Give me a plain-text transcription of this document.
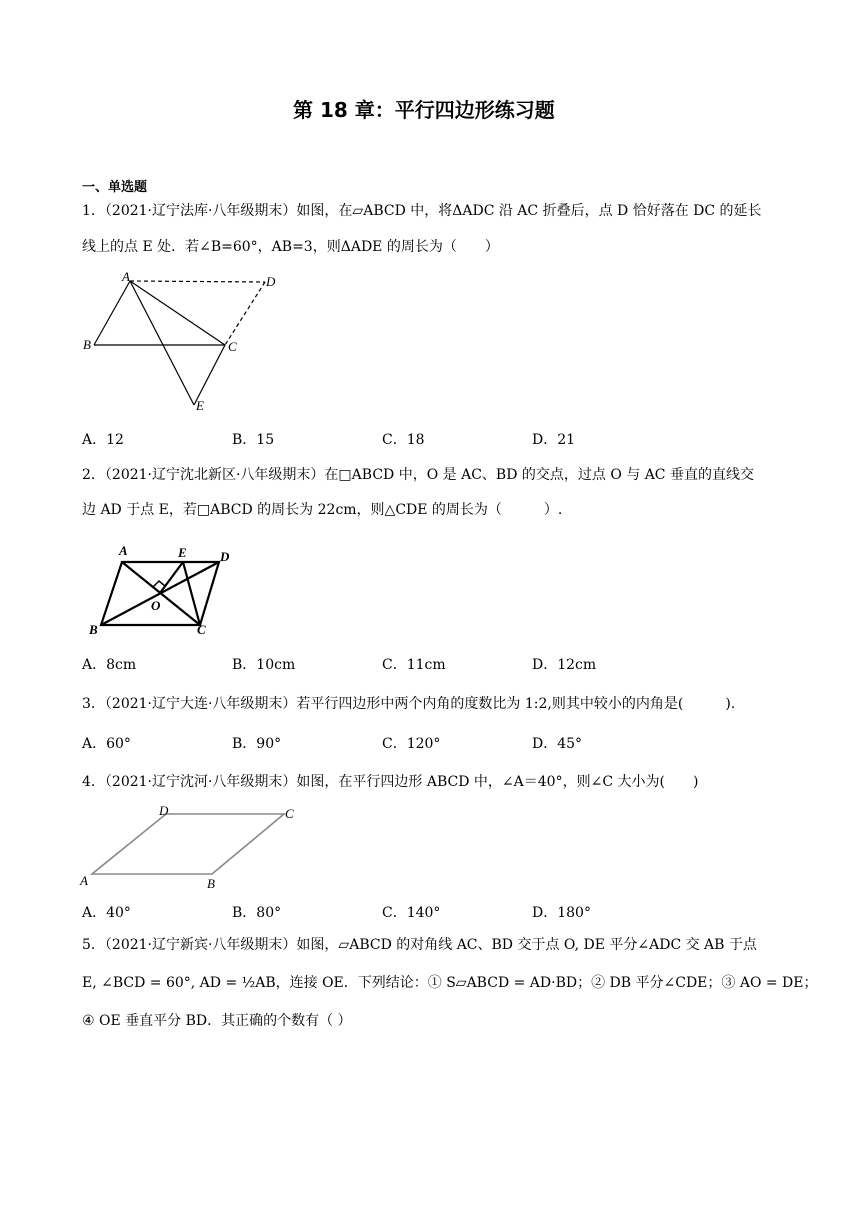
第 18 章：平行四边形练习题
一、单选题
1．（2021·辽宁法库·八年级期末）如图，在▱ABCD 中，将ΔADC 沿 AC 折叠后，点 D 恰好落在 DC 的延长
线上的点 E 处．若∠B=60°，AB=3，则ΔADE 的周长为（　　）
A	D
B	C
E
A．12	B．15	C．18	D．21
2．（2021·辽宁沈北新区·八年级期末）在□ABCD 中，O 是 AC、BD 的交点，过点 O 与 AC 垂直的直线交
边 AD 于点 E，若□ABCD 的周长为 22cm，则△CDE 的周长为（　　　）.
A	E	D
O
B	C
A．8cm	B．10cm	C．11cm	D．12cm
3．（2021·辽宁大连·八年级期末）若平行四边形中两个内角的度数比为 1:2,则其中较小的内角是(　　　).
A．60°	B．90°	C．120°	D．45°
4．（2021·辽宁沈河·八年级期末）如图，在平行四边形 ABCD 中，∠A＝40°，则∠C 大小为(　　)
D	C
A	B
A．40°	B．80°	C．140°	D．180°
5．（2021·辽宁新宾·八年级期末）如图，▱ABCD 的对角线 AC、BD 交于点 O, DE 平分∠ADC 交 AB 于点
E, ∠BCD = 60°, AD = ½AB，连接 OE．下列结论：① S▱ABCD = AD·BD；② DB 平分∠CDE；③ AO = DE；
④ OE 垂直平分 BD．其正确的个数有（ ）
